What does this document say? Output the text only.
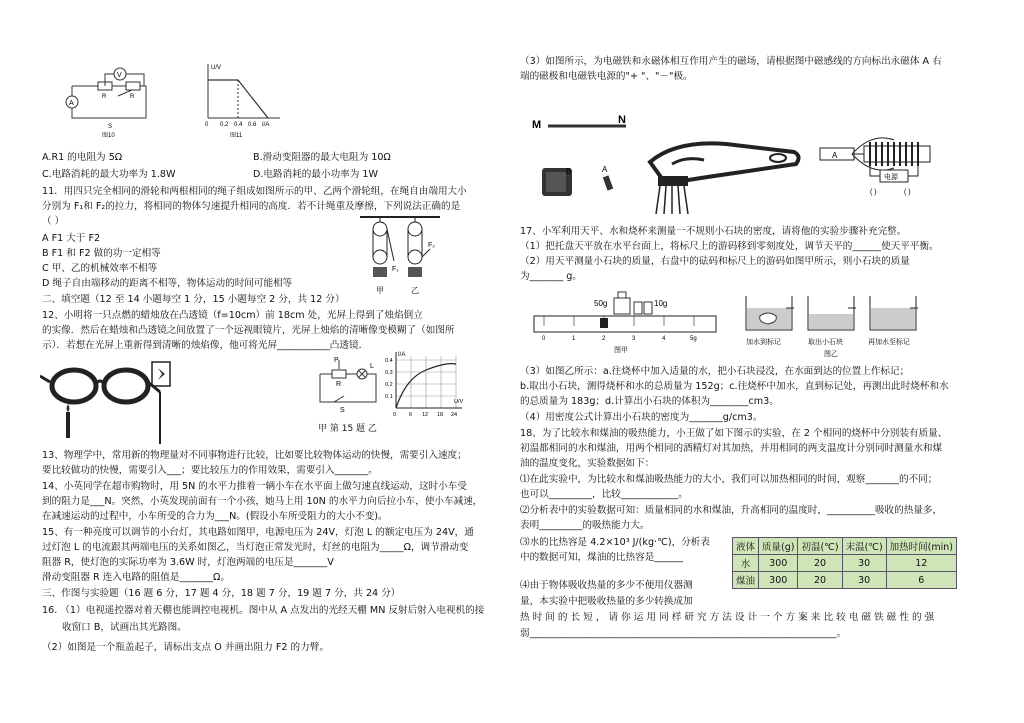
V
A
R	R
S
图10
U/V
0 0.2 0.4 0.6 I/A
图11
A.R1 的电阻为 5Ω	B.滑动变阻器的最大电阻为 10Ω
C.电路消耗的最大功率为 1.8W	D.电路消耗的最小功率为 1W
11．用四只完全相同的滑轮和两根相同的绳子组成如图所示的甲、乙两个滑轮组，在绳自由端用大小
分别为 F₁和 F₂的拉力，将相同的物体匀速提升相同的高度．若不计绳重及摩擦，下列说法正确的是
（ ）
A F1 大于 F2
B F1 和 F2 做的功一定相等
C 甲、乙的机械效率不相等
D 绳子自由端移动的距离不相等，物体运动的时间可能相等
F₁
F₂
甲	乙
二、填空题（12 至 14 小题每空 1 分，15 小题每空 2 分，共 12 分）
12、小明将一只点燃的蜡烛放在凸透镜（f=10cm）前 18cm 处，光屏上得到了烛焰倒立
的实像．然后在蜡烛和凸透镜之间放置了一个远视眼镜片，光屏上烛焰的清晰像变模糊了（如图所
示）．若想在光屏上重新得到清晰的烛焰像，他可将光屏___________凸透镜．
P
R
L
S
I/A
0.4
0.3
0.2
0.1
0 6 12 18 24
U/V
甲 第 15 题 乙
13、物理学中，常用新的物理量对不同事物进行比较，比如要比较物体运动的快慢，需要引入速度；
要比较做功的快慢，需要引入___；要比较压力的作用效果，需要引入_______。
14、小英同学在超市购物时，用 5N 的水平力推着一辆小车在水平面上做匀速直线运动，这时小车受
到的阻力是___N。突然，小英发现前面有一个小孩，她马上用 10N 的水平力向后拉小车，使小车减速，
在减速运动的过程中，小车所受的合力为___N。(假设小车所受阻力的大小不变)。
15、有一种亮度可以调节的小台灯，其电路如图甲，电源电压为 24V，灯泡 L 的额定电压为 24V，通
过灯泡 L 的电流跟其两端电压的关系如图乙，当灯泡正常发光时，灯丝的电阻为_____Ω，调节滑动变
阻器 R，使灯泡的实际功率为 3.6W 时，灯泡两端的电压是_______V
滑动变阻器 R 连入电路的阻值是_______Ω。
三、作图与实验题（16 题 6 分，17 题 4 分，18 题 7 分，19 题 7 分，共 24 分）
16. （1）电视遥控器对着天棚也能调控电视机。图中从 A 点发出的光经天棚 MN 反射后射入电视机的接
收窗口 B，试画出其光路图。
（2）如图是一个瓶盖起子，请标出支点 O 并画出阻力 F2 的力臂。
（3）如图所示，为电磁铁和永磁体相互作用产生的磁场，请根据图中磁感线的方向标出永磁体 A 右
端的磁极和电磁铁电源的"+ "、"－"极。
M	N
B	A
A
电源
( )	( )
17、小军利用天平、水和烧杯来测量一不规则小石块的密度，请将他的实验步骤补充完整。
（1）把托盘天平放在水平台面上，将标尺上的游码移到零刻度处，调节天平的______使天平平衡。
（2）用天平测量小石块的质量，右盘中的砝码和标尺上的游码如图甲所示，则小石块的质量
为_______ g。
50g	10g
0	1	2	3	4	5g
图甲
加水到标记	取出小石块	再加水至标记
图乙
（3）如图乙所示：a.往烧杯中加入适量的水，把小石块浸没，在水面到达的位置上作标记；
b.取出小石块，测得烧杯和水的总质量为 152g；c.往烧杯中加水，直到标记处，再测出此时烧杯和水
的总质量为 183g；d.计算出小石块的体积为________cm3。
（4）用密度公式计算出小石块的密度为_______g/cm3。
18、为了比较水和煤油的吸热能力，小王做了如下图示的实验，在 2 个相同的烧杯中分别装有质量、
初温都相同的水和煤油，用两个相同的酒精灯对其加热，并用相同的两支温度计分别同时测量水和煤
油的温度变化，实验数据如下：
⑴在此实验中，为比较水和煤油吸热能力的大小，我们可以加热相同的时间，观察_______的不同；
也可以_________，比较____________。
⑵分析表中的实验数据可知：质量相同的水和煤油，升高相同的温度时，__________吸收的热量多，
表明_________的吸热能力大。
⑶水的比热容是 4.2×10³ J/(kg·℃)，分析表
中的数据可知，煤油的比热容是______
液体	质量(g)	初温(℃)	末温(℃)	加热时间(min)
水	300	20	30	12
煤油	300	20	30	6
⑷由于物体吸收热量的多少不便用仪器测
量，本实验中把吸收热量的多少转换成加
热 时 间 的 长 短 ， 请 你 运 用 同 样 研 究 方 法 设 计 一 个 方 案 来 比 较 电 磁 铁 磁 性 的 强
弱________________________________________________________________。
